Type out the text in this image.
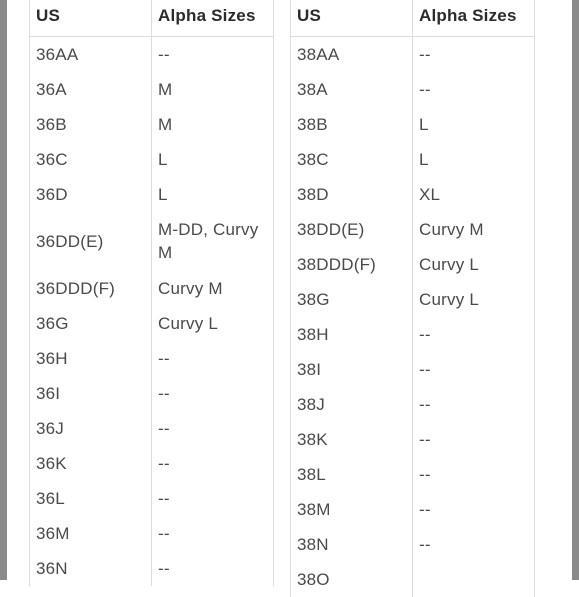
US	Alpha Sizes
36AA	--
36A	M
36B	M
36C	L
36D	L
36DD(E)	M-DD, Curvy M
36DDD(F)	Curvy M
36G	Curvy L
36H	--
36I	--
36J	--
36K	--
36L	--
36M	--
36N	--
US	Alpha Sizes
38AA	--
38A	--
38B	L
38C	L
38D	XL
38DD(E)	Curvy M
38DDD(F)	Curvy L
38G	Curvy L
38H	--
38I	--
38J	--
38K	--
38L	--
38M	--
38N	--
38O	
